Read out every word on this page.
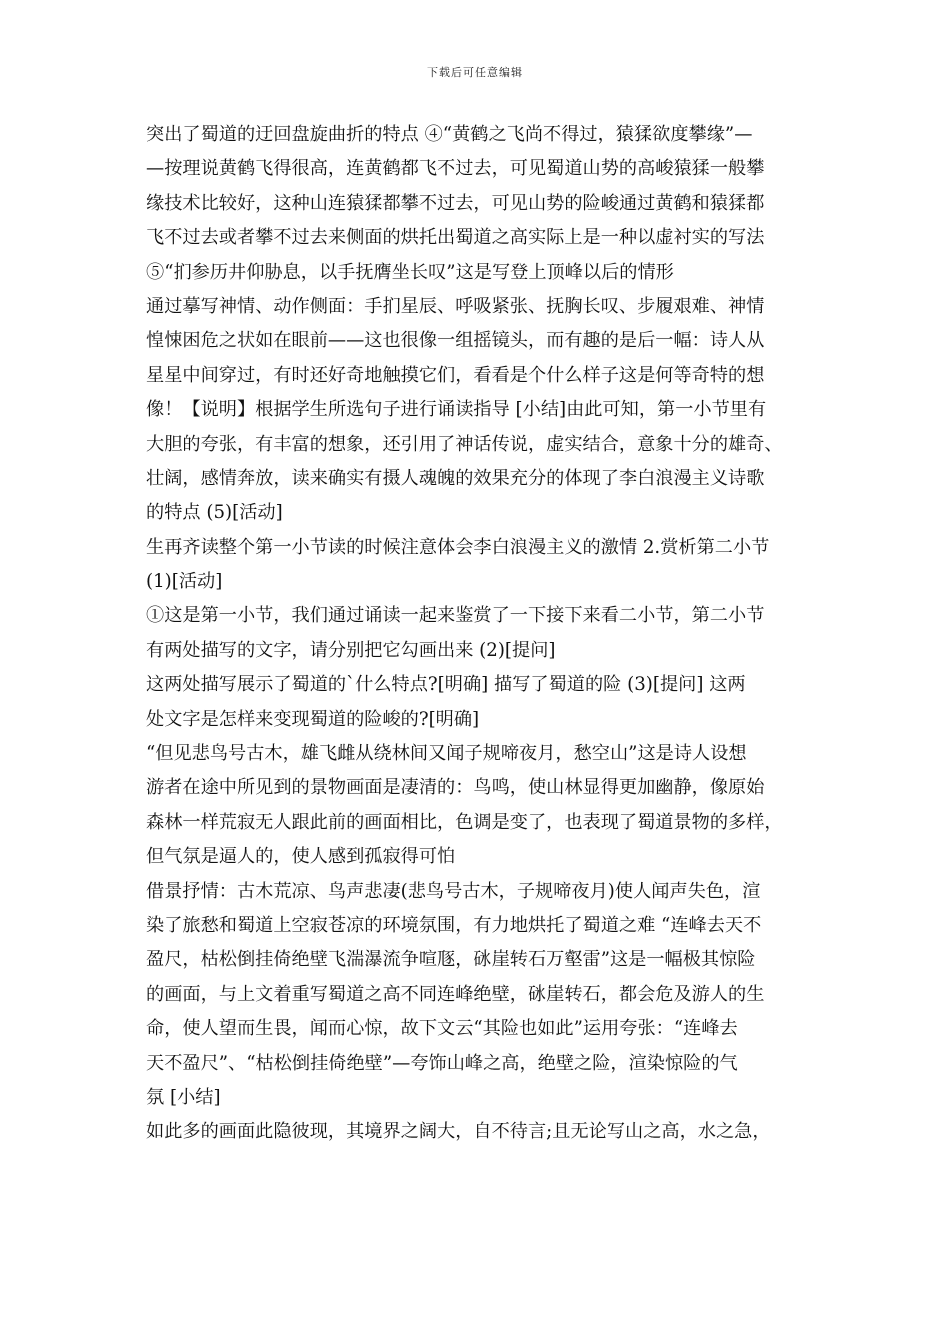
下载后可任意编辑
突出了蜀道的迂回盘旋曲折的特点 ④“黄鹤之飞尚不得过，猿猱欲度攀缘”—
—按理说黄鹤飞得很高，连黄鹤都飞不过去，可见蜀道山势的高峻猿猱一般攀
缘技术比较好，这种山连猿猱都攀不过去，可见山势的险峻通过黄鹤和猿猱都
飞不过去或者攀不过去来侧面的烘托出蜀道之高实际上是一种以虚衬实的写法
⑤“扪参历井仰胁息，以手抚膺坐长叹”这是写登上顶峰以后的情形
通过摹写神情、动作侧面：手扪星辰、呼吸紧张、抚胸长叹、步履艰难、神情
惶悚困危之状如在眼前——这也很像一组摇镜头，而有趣的是后一幅：诗人从
星星中间穿过，有时还好奇地触摸它们，看看是个什么样子这是何等奇特的想
像！【说明】根据学生所选句子进行诵读指导 [小结]由此可知，第一小节里有
大胆的夸张，有丰富的想象，还引用了神话传说，虚实结合，意象十分的雄奇、
壮阔，感情奔放，读来确实有摄人魂魄的效果充分的体现了李白浪漫主义诗歌
的特点 (5)[活动]
生再齐读整个第一小节读的时候注意体会李白浪漫主义的激情 2.赏析第二小节
(1)[活动]
①这是第一小节，我们通过诵读一起来鉴赏了一下接下来看二小节，第二小节
有两处描写的文字，请分别把它勾画出来 (2)[提问]
这两处描写展示了蜀道的`什么特点?[明确] 描写了蜀道的险 (3)[提问] 这两
处文字是怎样来变现蜀道的险峻的?[明确]
“但见悲鸟号古木，雄飞雌从绕林间又闻子规啼夜月，愁空山”这是诗人设想
游者在途中所见到的景物画面是凄清的：鸟鸣，使山林显得更加幽静，像原始
森林一样荒寂无人跟此前的画面相比，色调是变了，也表现了蜀道景物的多样，
但气氛是逼人的，使人感到孤寂得可怕
借景抒情：古木荒凉、鸟声悲凄(悲鸟号古木，子规啼夜月)使人闻声失色，渲
染了旅愁和蜀道上空寂苍凉的环境氛围，有力地烘托了蜀道之难 “连峰去天不
盈尺，枯松倒挂倚绝壁飞湍瀑流争喧豗，砯崖转石万壑雷”这是一幅极其惊险
的画面，与上文着重写蜀道之高不同连峰绝壁，砯崖转石，都会危及游人的生
命，使人望而生畏，闻而心惊，故下文云“其险也如此”运用夸张：“连峰去
天不盈尺”、“枯松倒挂倚绝壁”—夸饰山峰之高，绝壁之险，渲染惊险的气
氛 [小结]
如此多的画面此隐彼现，其境界之阔大，自不待言;且无论写山之高，水之急，
